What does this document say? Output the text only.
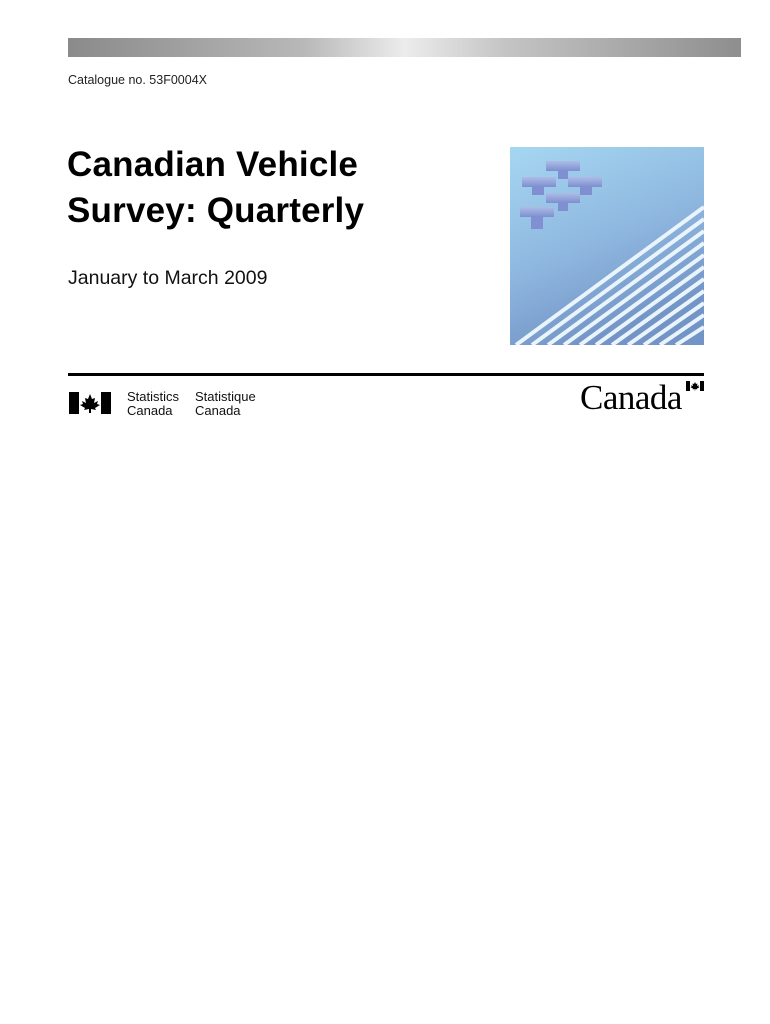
Catalogue no. 53F0004X
Canadian Vehicle
Survey: Quarterly
January to March 2009
Statistics
Canada
Statistique
Canada	Canada
